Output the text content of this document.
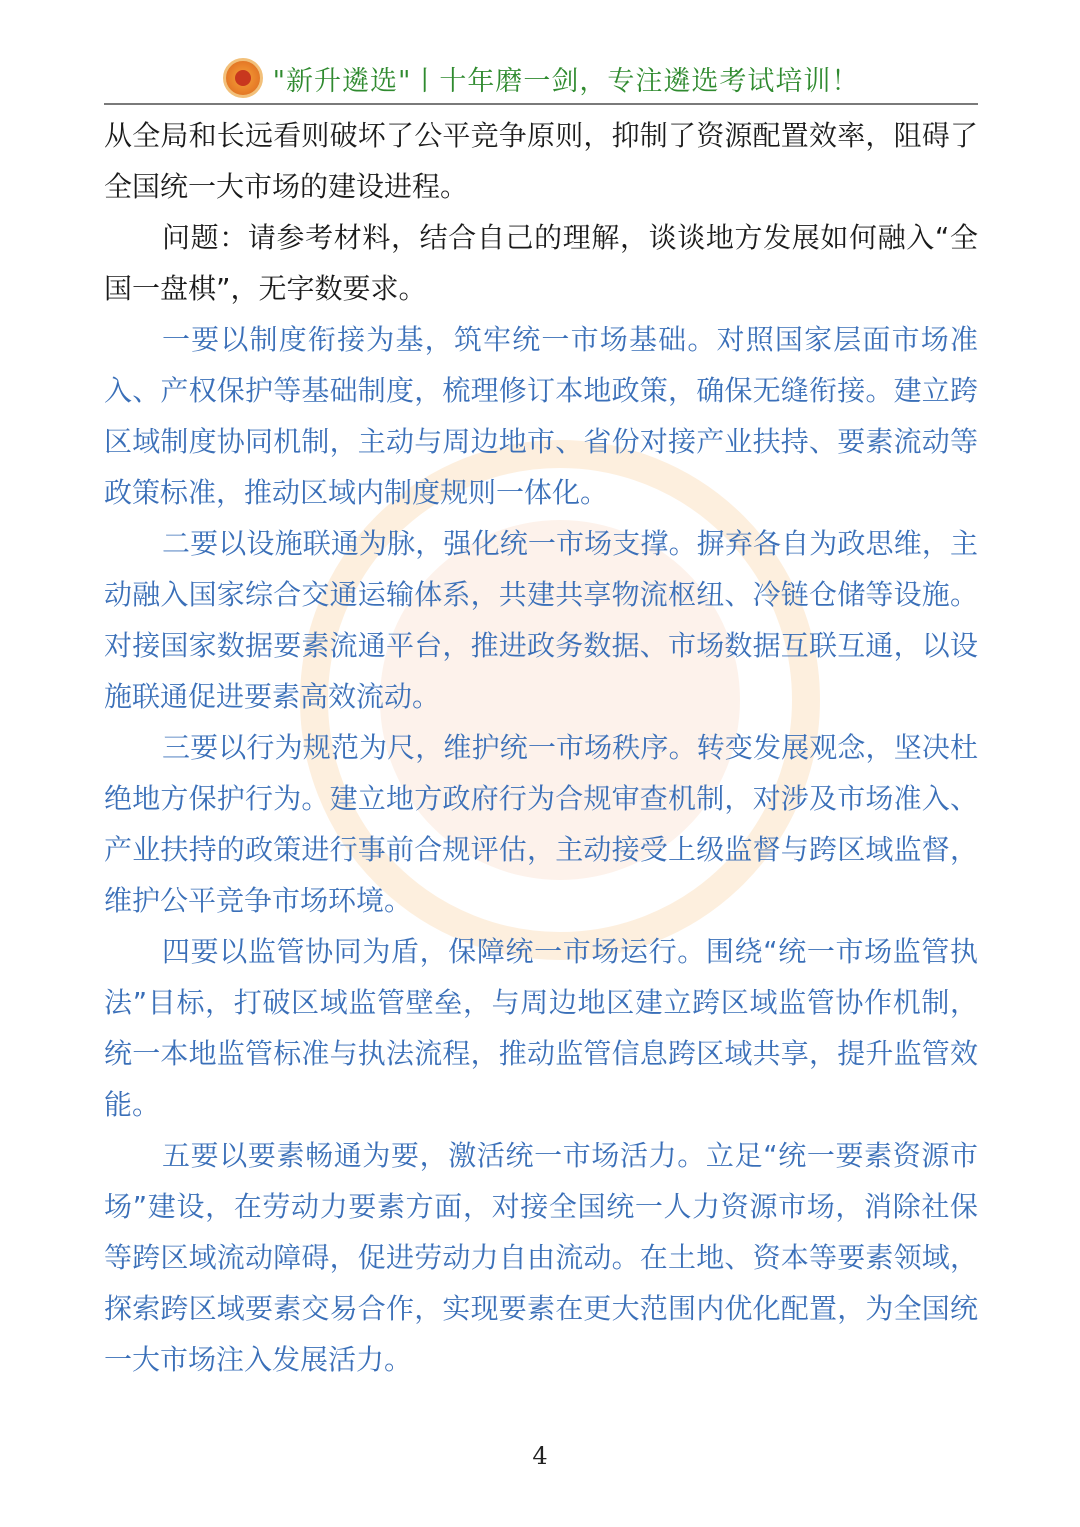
"新升遴选"丨十年磨一剑，专注遴选考试培训！

从全局和长远看则破坏了公平竞争原则，抑制了资源配置效率，阻碍了全国统一大市场的建设进程。

问题：请参考材料，结合自己的理解，谈谈地方发展如何融入“全国一盘棋”，无字数要求。

一要以制度衔接为基，筑牢统一市场基础。对照国家层面市场准入、产权保护等基础制度，梳理修订本地政策，确保无缝衔接。建立跨区域制度协同机制，主动与周边地市、省份对接产业扶持、要素流动等政策标准，推动区域内制度规则一体化。

二要以设施联通为脉，强化统一市场支撑。摒弃各自为政思维，主动融入国家综合交通运输体系，共建共享物流枢纽、冷链仓储等设施。对接国家数据要素流通平台，推进政务数据、市场数据互联互通，以设施联通促进要素高效流动。

三要以行为规范为尺，维护统一市场秩序。转变发展观念，坚决杜绝地方保护行为。建立地方政府行为合规审查机制，对涉及市场准入、产业扶持的政策进行事前合规评估，主动接受上级监督与跨区域监督，维护公平竞争市场环境。

四要以监管协同为盾，保障统一市场运行。围绕“统一市场监管执法”目标，打破区域监管壁垒，与周边地区建立跨区域监管协作机制，统一本地监管标准与执法流程，推动监管信息跨区域共享，提升监管效能。

五要以要素畅通为要，激活统一市场活力。立足“统一要素资源市场”建设，在劳动力要素方面，对接全国统一人力资源市场，消除社保等跨区域流动障碍，促进劳动力自由流动。在土地、资本等要素领域，探索跨区域要素交易合作，实现要素在更大范围内优化配置，为全国统一大市场注入发展活力。

4
